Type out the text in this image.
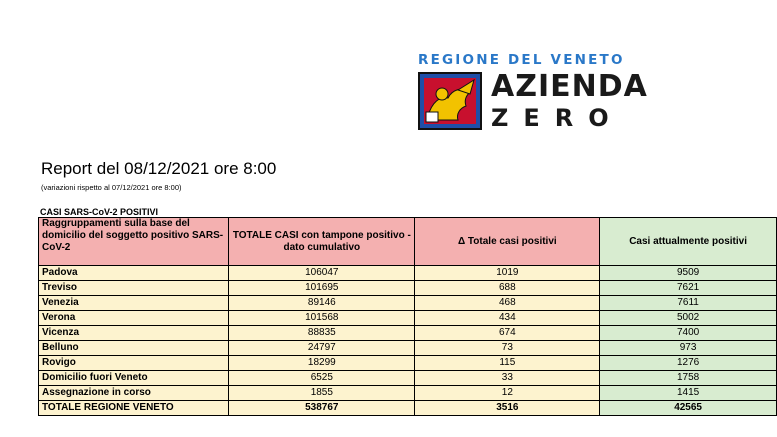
REGIONE DEL VENETO
AZIENDA
ZERO
Report del 08/12/2021 ore 8:00
(variazioni rispetto al 07/12/2021 ore 8:00)
CASI SARS-CoV-2 POSITIVI
Raggruppamenti sulla base del domicilio del soggetto positivo SARS-CoV-2	TOTALE CASI con tampone positivo - dato cumulativo	Δ Totale casi positivi	Casi attualmente positivi
Padova	106047	1019	9509
Treviso	101695	688	7621
Venezia	89146	468	7611
Verona	101568	434	5002
Vicenza	88835	674	7400
Belluno	24797	73	973
Rovigo	18299	115	1276
Domicilio fuori Veneto	6525	33	1758
Assegnazione in corso	1855	12	1415
TOTALE REGIONE VENETO	538767	3516	42565
